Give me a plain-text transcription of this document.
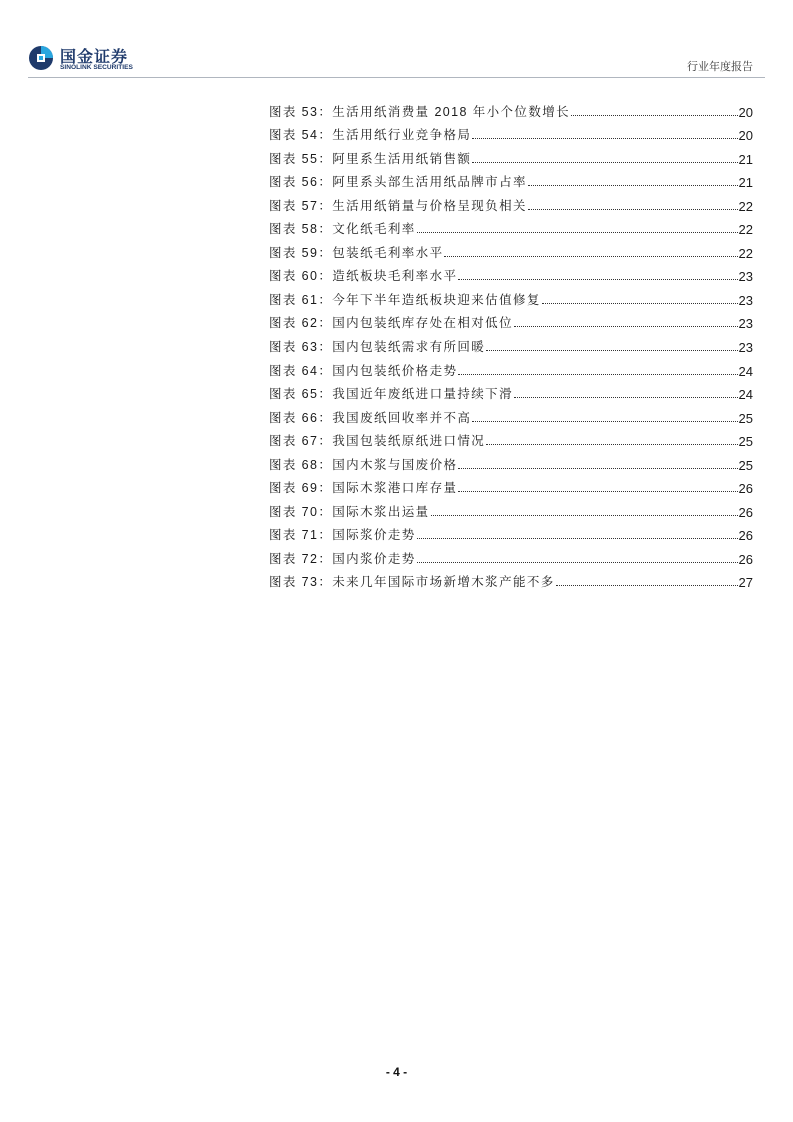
国金证券
SINOLINK SECURITIES	行业年度报告
图表 53：生活用纸消费量 2018 年小个位数增长	20
图表 54：生活用纸行业竞争格局	20
图表 55：阿里系生活用纸销售额	21
图表 56：阿里系头部生活用纸品牌市占率	21
图表 57：生活用纸销量与价格呈现负相关	22
图表 58：文化纸毛利率	22
图表 59：包装纸毛利率水平	22
图表 60：造纸板块毛利率水平	23
图表 61：今年下半年造纸板块迎来估值修复	23
图表 62：国内包装纸库存处在相对低位	23
图表 63：国内包装纸需求有所回暖	23
图表 64：国内包装纸价格走势	24
图表 65：我国近年废纸进口量持续下滑	24
图表 66：我国废纸回收率并不高	25
图表 67：我国包装纸原纸进口情况	25
图表 68：国内木浆与国废价格	25
图表 69：国际木浆港口库存量	26
图表 70：国际木浆出运量	26
图表 71：国际浆价走势	26
图表 72：国内浆价走势	26
图表 73：未来几年国际市场新增木浆产能不多	27
- 4 -
